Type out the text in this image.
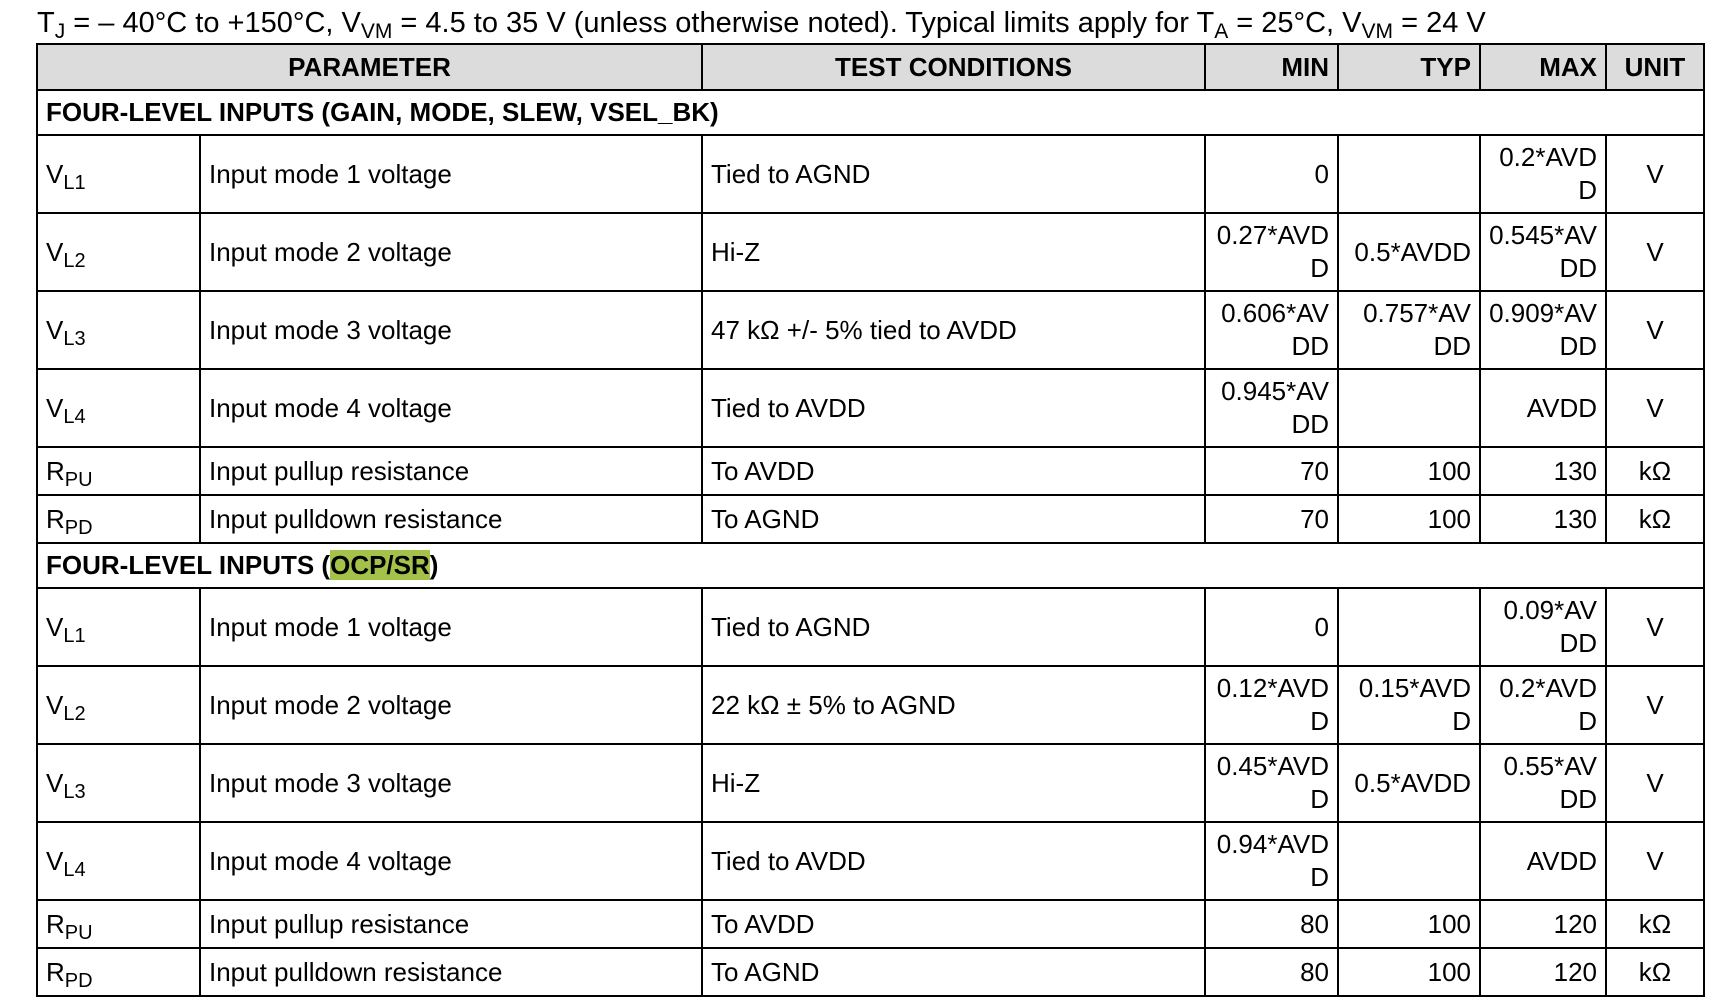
$T_J$ = – 40°C to +150°C, $V_{VM} = 4.5$ to 35 V (unless otherwise noted). Typical limits apply for $T_A = 25^\circ C$, $V_{VM} = 24$ V
PARAMETER		TEST CONDITIONS	MIN	TYP	MAX	UNIT
FOUR-LEVEL INPUTS (GAIN, MODE, SLEW, VSEL_BK)						
$V_{L1}$	Input mode 1 voltage	Tied to AGND	0		0.2*AVDD	V
$V_{L2}$	Input mode 2 voltage	Hi-Z	0.27*AVDD	0.5*AVDD	0.545*AVDD	V
$V_{L3}$	Input mode 3 voltage	47 kΩ +/- 5% tied to AVDD	0.606*AVDD	0.757*AVDD	0.909*AVDD	V
$V_{L4}$	Input mode 4 voltage	Tied to AVDD	0.945*AVDD		AVDD	V
$R_{PU}$	Input pullup resistance	To AVDD	70	100	130	kΩ
$R_{PD}$	Input pulldown resistance	To AGND	70	100	130	kΩ
FOUR-LEVEL INPUTS (OCP/SR)						
$V_{L1}$	Input mode 1 voltage	Tied to AGND	0		0.09*AVDD	V
$V_{L2}$	Input mode 2 voltage	22 kΩ ± 5% to AGND	0.12*AVDD	0.15*AVDD	0.2*AVDD	V
$V_{L3}$	Input mode 3 voltage	Hi-Z	0.45*AVDD	0.5*AVDD	0.55*AVDD	V
$V_{L4}$	Input mode 4 voltage	Tied to AVDD	0.94*AVDD		AVDD	V
$R_{PU}$	Input pullup resistance	To AVDD	80	100	120	kΩ
$R_{PD}$	Input pulldown resistance	To AGND	80	100	120	kΩ
